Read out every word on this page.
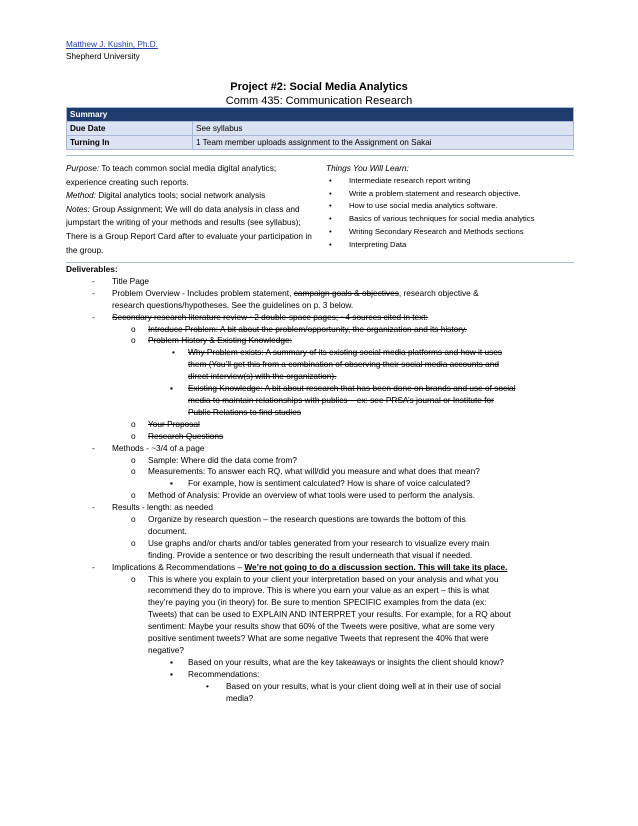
Matthew J. Kushin, Ph.D.
Shepherd University
Project #2: Social Media Analytics
Comm 435: Communication Research
Summary	
Due Date	See syllabus
Turning In	1 Team member uploads assignment to the Assignment on Sakai
Purpose: To teach common social media digital analytics; experience creating such reports.
Method: Digital analytics tools; social network analysis
Notes: Group Assignment; We will do data analysis in class and jumpstart the writing of your methods and results (see syllabus); There is a Group Report Card after to evaluate your participation in the group.
Things You Will Learn:
• Intermediate research report writing
• Write a problem statement and research objective.
• How to use social media analytics software.
• Basics of various techniques for social media analytics
• Writing Secondary Research and Methods sections
• Interpreting Data
Deliverables:
- Title Page
- Problem Overview - Includes problem statement, campaign goals & objectives, research objective &
research questions/hypotheses. See the guidelines on p. 3 below.
- Secondary research literature review ~2 double-space pages; ~4 sources cited in text:
o Introduce Problem: A bit about the problem/opportunity, the organization and its history.
o Problem History & Existing Knowledge:
• Why Problem exists: A summary of its existing social media platforms and how it uses
them (You’ll get this from a combination of observing their social media accounts and
direct interview(s) with the organization).
▪ Existing Knowledge: A bit about research that has been done on brands and use of social
media to maintain relationships with publics – ex: see PRSA’s journal or Institute for
Public Relations to find studies
o Your Proposal
o Research Questions
- Methods - ~3/4 of a page
o Sample: Where did the data come from?
o Measurements: To answer each RQ, what will/did you measure and what does that mean?
▪ For example, how is sentiment calculated? How is share of voice calculated?
o Method of Analysis: Provide an overview of what tools were used to perform the analysis.
- Results - length: as needed
o Organize by research question – the research questions are towards the bottom of this
document.
o Use graphs and/or charts and/or tables generated from your research to visualize every main
finding. Provide a sentence or two describing the result underneath that visual if needed.
- Implications & Recommendations – We’re not going to do a discussion section. This will take its place.
o This is where you explain to your client your interpretation based on your analysis and what you
recommend they do to improve. This is where you earn your value as an expert – this is what
they’re paying you (in theory) for. Be sure to mention SPECIFIC examples from the data (ex:
Tweets) that can be used to EXPLAIN AND INTERPRET your results. For example, for a RQ about
sentiment: Maybe your results show that 60% of the Tweets were positive, what are some very
positive sentiment tweets? What are some negative Tweets that represent the 40% that were
negative?
▪ Based on your results, what are the key takeaways or insights the client should know?
▪ Recommendations:
• Based on your results, what is your client doing well at in their use of social
media?
